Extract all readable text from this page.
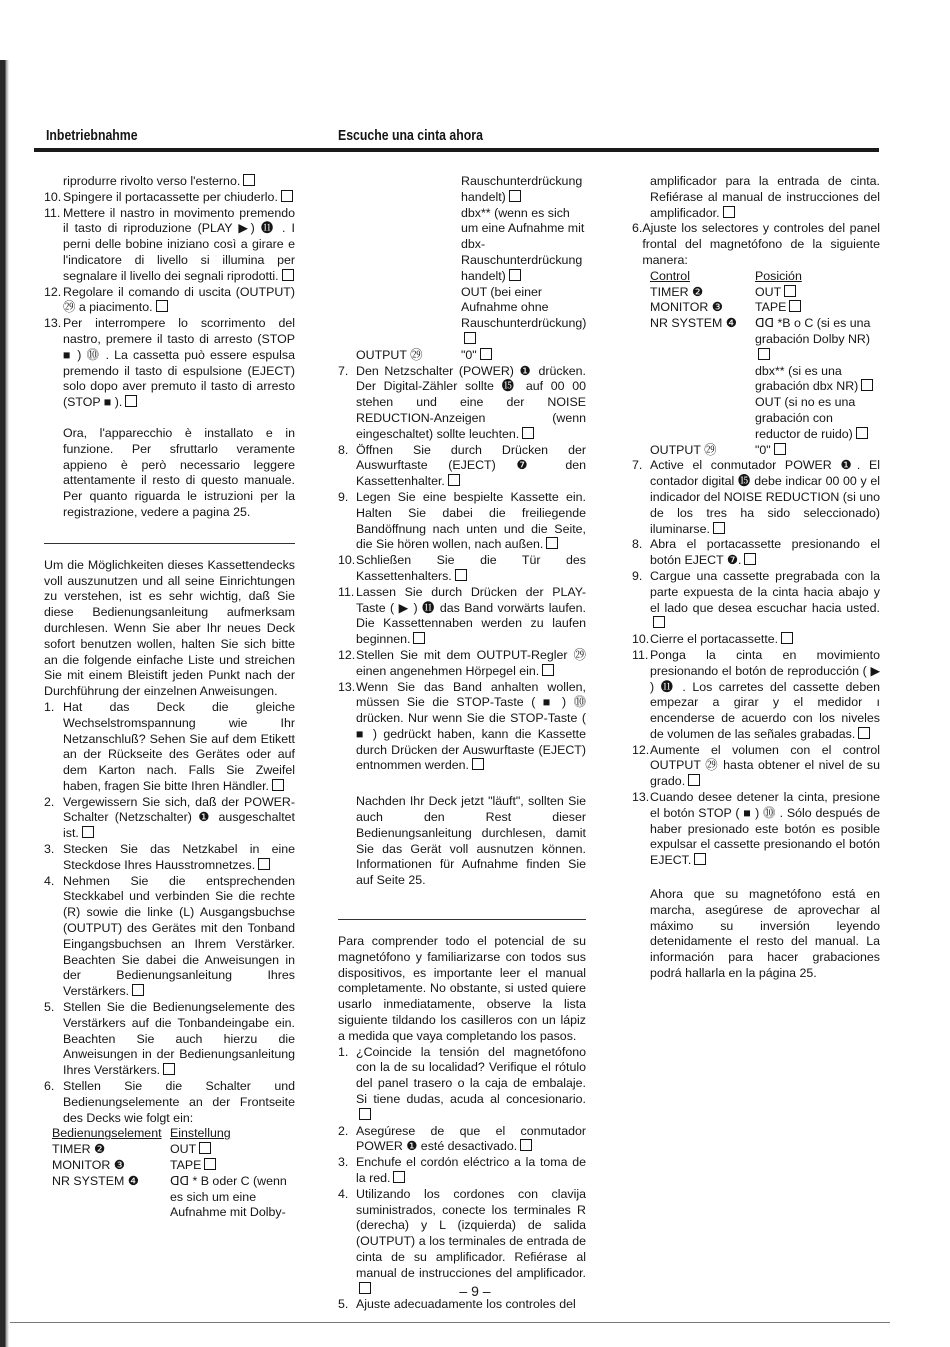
Inbetriebnahme	Escuche una cinta ahora
riprodurre rivolto verso l'esterno.
10. Spingere il portacassette per chiuderlo.
11. Mettere il nastro in movimento premendo il tasto di riproduzione (PLAY ▶) ⓫ . I perni delle bobine iniziano così a girare e l'indicatore di livello si illumina per segnalare il livello dei segnali riprodotti.
12. Regolare il comando di uscita (OUTPUT) ㉙ a piacimento.
13. Per interrompere lo scorrimento del nastro, premere il tasto di arresto (STOP ■ ) ⓾ . La cassetta può essere espulsa premendo il tasto di espulsione (EJECT) solo dopo aver premuto il tasto di arresto (STOP ■ ).

Ora, l'apparecchio è installato e in funzione. Per sfruttarlo veramente appieno è però necessario leggere attentamente il resto di questo manuale. Per quanto riguarda le istruzioni per la registrazione, vedere a pagina 25.

Um die Möglichkeiten dieses Kassettendecks voll auszunutzen und all seine Einrichtungen zu verstehen, ist es sehr wichtig, daß Sie diese Bedienungsanleitung aufmerksam durchlesen. Wenn Sie aber Ihr neues Deck sofort benutzen wollen, halten Sie sich bitte an die folgende einfache Liste und streichen Sie mit einem Bleistift jeden Punkt nach der Durchführung der einzelnen Anweisungen.

1. Hat das Deck die gleiche Wechselstromspannung wie Ihr Netzanschluß? Sehen Sie auf dem Etikett an der Rückseite des Gerätes oder auf dem Karton nach. Falls Sie Zweifel haben, fragen Sie bitte Ihren Händler.
2. Vergewissern Sie sich, daß der POWER-Schalter (Netzschalter) ❶ ausgeschaltet ist.
3. Stecken Sie das Netzkabel in eine Steckdose Ihres Hausstromnetzes.
4. Nehmen Sie die entsprechenden Steckkabel und verbinden Sie die rechte (R) sowie die linke (L) Ausgangsbuchse (OUTPUT) des Gerätes mit den Tonband Eingangsbuchsen an Ihrem Verstärker. Beachten Sie dabei die Anweisungen in der Bedienungsanleitung Ihres Verstärkers.
5. Stellen Sie die Bedienungselemente des Verstärkers auf die Tonbandeingabe ein. Beachten Sie auch hierzu die Anweisungen in der Bedienungsanleitung Ihres Verstärkers.
6. Stellen Sie die Schalter und Bedienungselemente an der Frontseite des Decks wie folgt ein:
Bedienungselement Einstellung
TIMER ❷	OUT
MONITOR ❸	TAPE
NR SYSTEM ❹	ᗡᗡ * B oder C (wenn es sich um eine Aufnahme mit Dolby-
Rauschunterdrückung handelt)
dbx** (wenn es sich um eine Aufnahme mit dbx-Rauschunterdrückung handelt)
OUT (bei einer Aufnahme ohne Rauschunterdrückung)
OUTPUT ㉙	"0"
7. Den Netzschalter (POWER) ❶ drücken. Der Digital-Zähler sollte ⓯ auf 00 00 stehen und eine der NOISE REDUCTION-Anzeigen (wenn eingeschaltet) sollte leuchten.
8. Öffnen Sie durch Drücken der Auswurftaste (EJECT) ❼ den Kassettenhalter.
9. Legen Sie eine bespielte Kassette ein. Halten Sie dabei die freiliegende Bandöffnung nach unten und die Seite, die Sie hören wollen, nach außen.
10. Schließen Sie die Tür des Kassettenhalters.
11. Lassen Sie durch Drücken der PLAY-Taste ( ▶ ) ⓫ das Band vorwärts laufen. Die Kassettennaben werden zu laufen beginnen.
12. Stellen Sie mit dem OUTPUT-Regler ㉙ einen angenehmen Hörpegel ein.
13. Wenn Sie das Band anhalten wollen, müssen Sie die STOP-Taste ( ■ ) ⓾ drücken. Nur wenn Sie die STOP-Taste ( ■ ) gedrückt haben, kann die Kassette durch Drücken der Auswurftaste (EJECT) entnommen werden.

Nachden Ihr Deck jetzt "läuft", sollten Sie auch den Rest dieser Bedienungsanleitung durchlesen, damit Sie das Gerät voll ausnutzen können. Informationen für Aufnahme finden Sie auf Seite 25.

Para comprender todo el potencial de su magnetófono y familiarizarse con todos sus dispositivos, es importante leer el manual completamente. No obstante, si usted quiere usarlo inmediatamente, observe la lista siguiente tildando los casilleros con un lápiz a medida que vaya completando los pasos.

1. ¿Coincide la tensión del magnetófono con la de su localidad? Verifique el rótulo del panel trasero o la caja de embalaje. Si tiene dudas, acuda al concesionario.
2. Asegúrese de que el conmutador POWER ❶ esté desactivado.
3. Enchufe el cordón eléctrico a la toma de la red.
4. Utilizando los cordones con clavija suministrados, conecte los terminales R (derecha) y L (izquierda) de salida (OUTPUT) a los terminales de entrada de cinta de su amplificador. Refiérase al manual de instrucciones del amplificador.
5. Ajuste adecuadamente los controles del
amplificador para la entrada de cinta. Refiérase al manual de instrucciones del amplificador.
6. Ajuste los selectores y controles del panel frontal del magnetófono de la siguiente manera:
Control	Posición
TIMER ❷	OUT
MONITOR ❸	TAPE
NR SYSTEM ❹	ᗡᗡ *B o C (si es una grabación Dolby NR)
dbx** (si es una grabación dbx NR)
OUT (si no es una grabación con reductor de ruido)
OUTPUT ㉙	"0"
7. Active el conmutador POWER ❶. El contador digital ⓯ debe indicar 00 00 y el indicador del NOISE REDUCTION (si uno de los tres ha sido seleccionado) iluminarse.
8. Abra el portacassette presionando el botón EJECT ❼.
9. Cargue una cassette pregrabada con la parte expuesta de la cinta hacia abajo y el lado que desea escuchar hacia usted.
10. Cierre el portacassette.
11. Ponga la cinta en movimiento presionando el botón de reproducción ( ▶ ) ⓫ . Los carretes del cassette deben empezar a girar y el medidor ı encenderse de acuerdo con los niveles de volumen de las señales grabadas.
12. Aumente el volumen con el control OUTPUT ㉙ hasta obtener el nivel de su grado.
13. Cuando desee detener la cinta, presione el botón STOP ( ■ ) ⓾ . Sólo después de haber presionado este botón es posible expulsar el cassette presionando el botón EJECT.

Ahora que su magnetófono está en marcha, asegúrese de aprovechar al máximo su inversión leyendo detenidamente el resto del manual. La información para hacer grabaciones podrá hallarla en la página 25.

– 9 –
